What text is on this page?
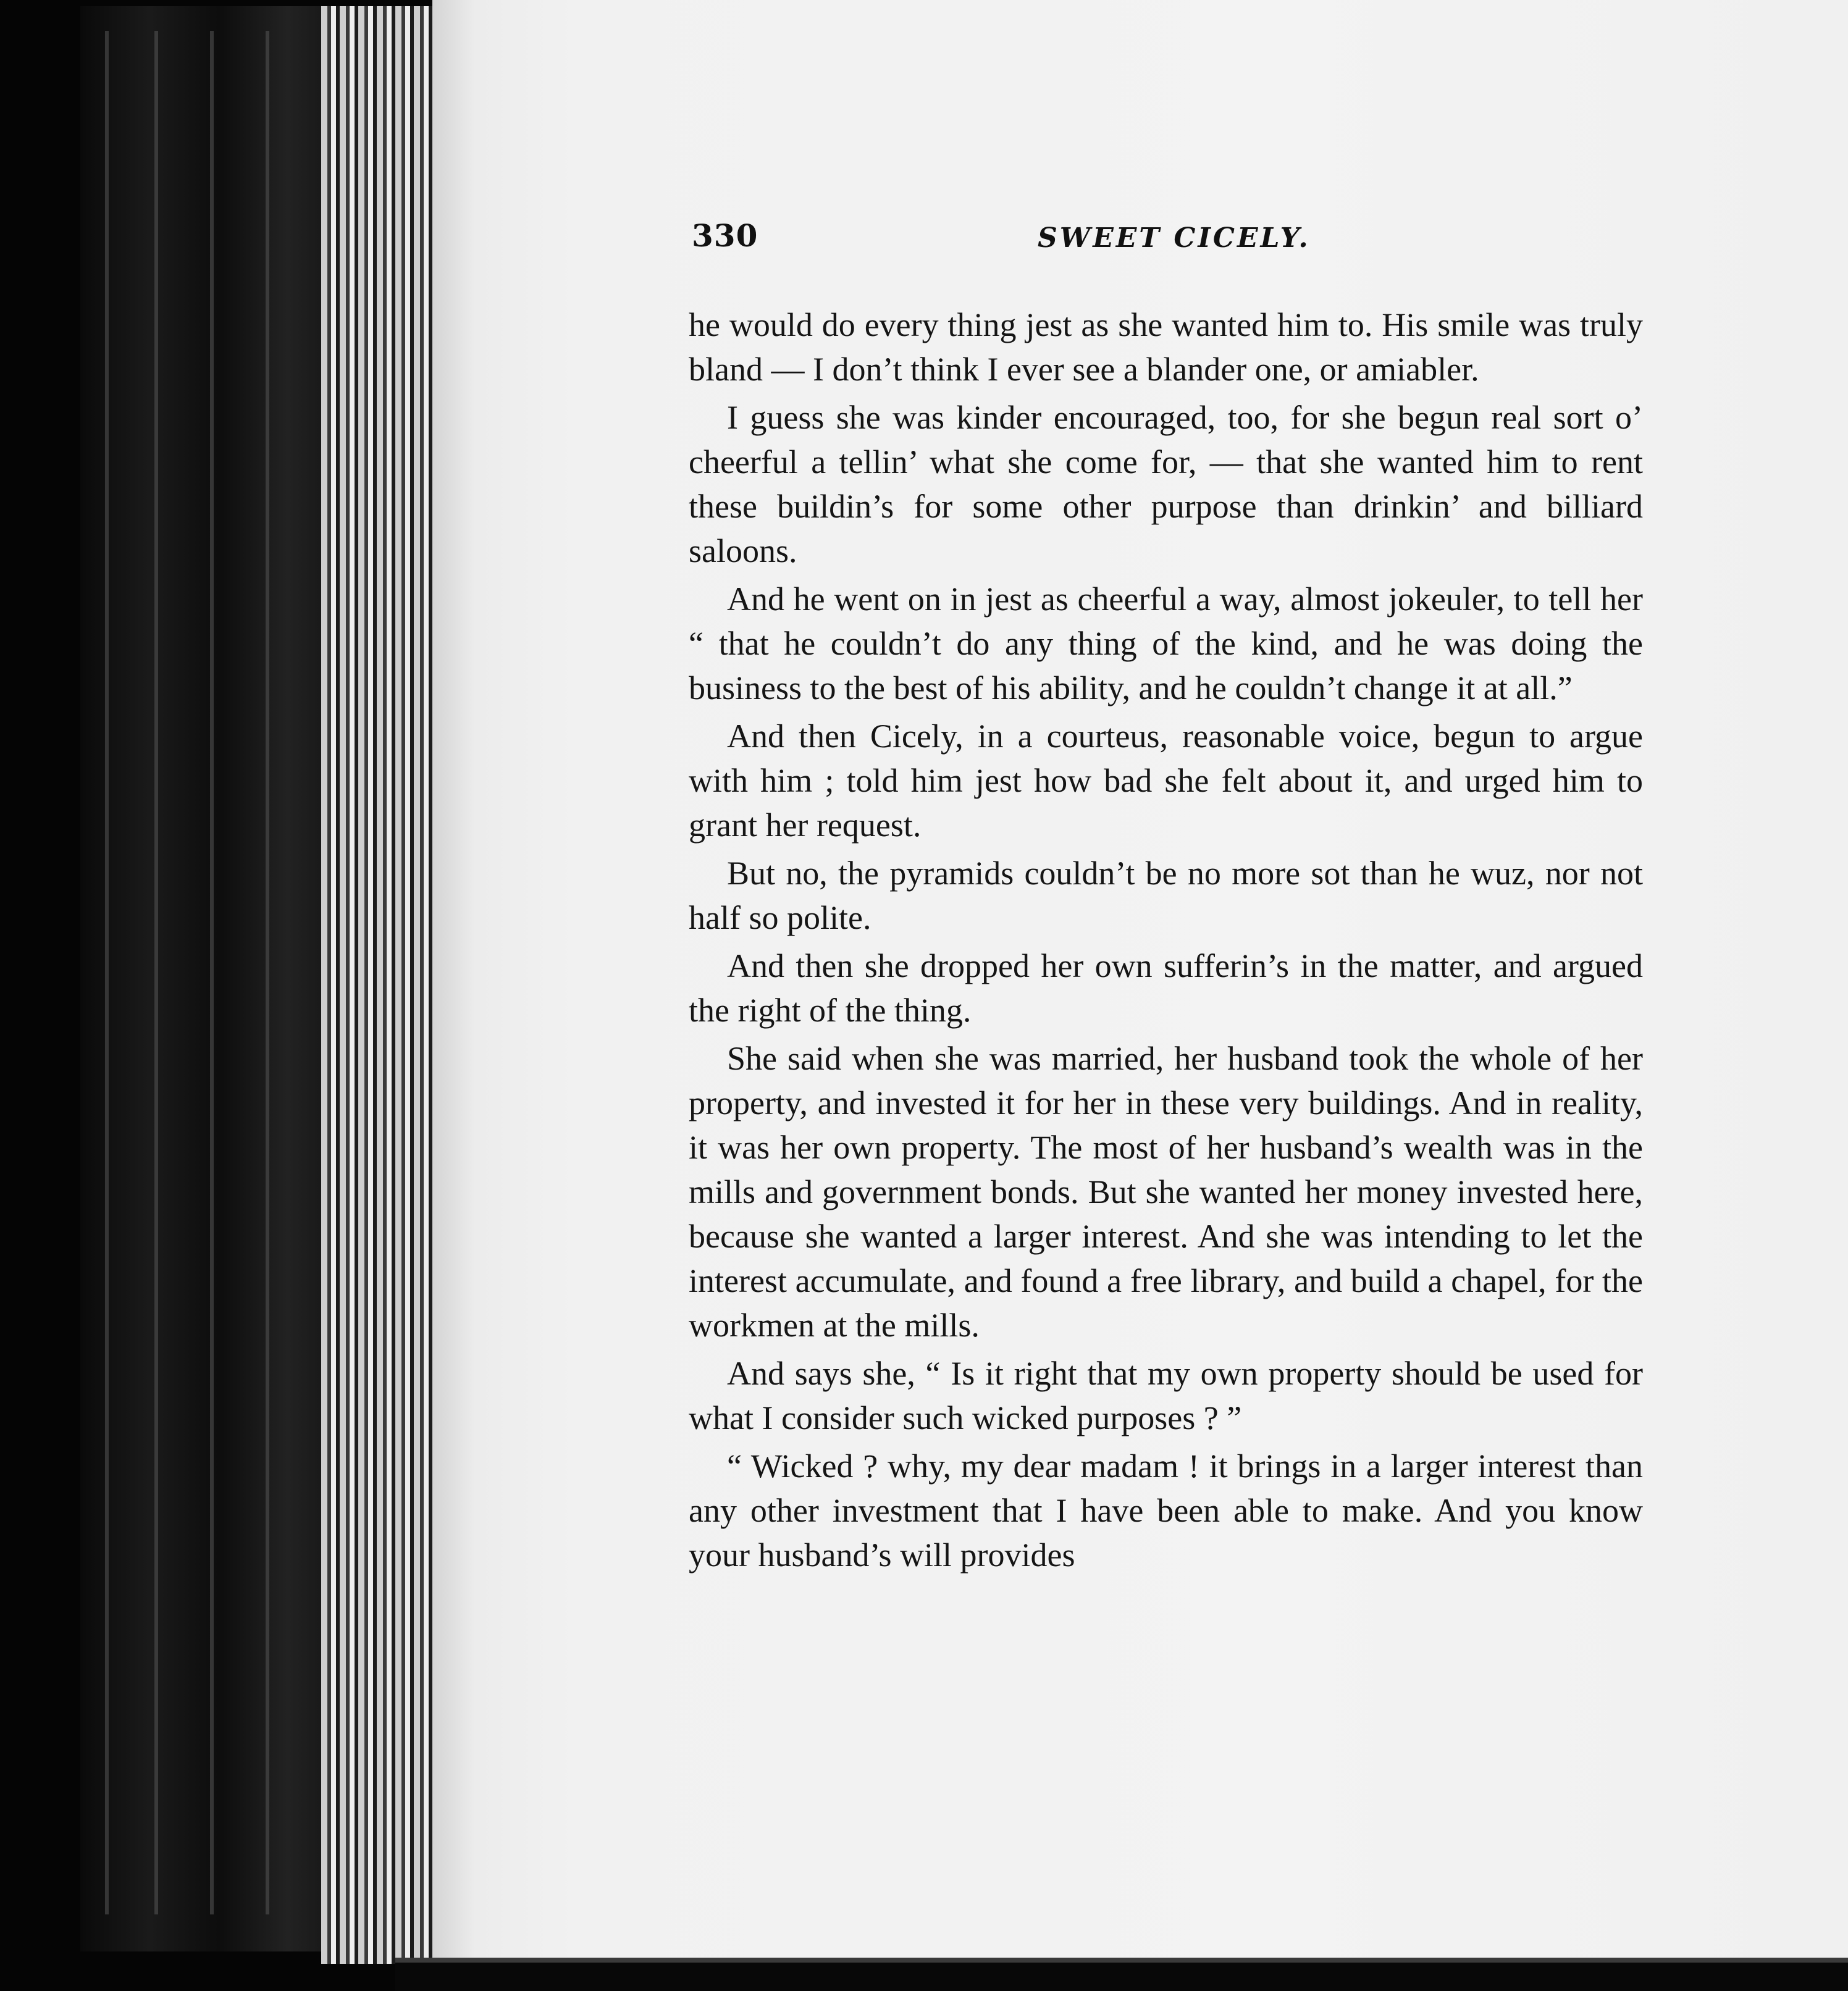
330	SWEET CICELY.

he would do every thing jest as she wanted him to. His smile was truly bland — I don’t think I ever see a blander one, or amiabler.

I guess she was kinder encouraged, too, for she begun real sort o’ cheerful a tellin’ what she come for, — that she wanted him to rent these buildin’s for some other purpose than drinkin’ and billiard saloons.

And he went on in jest as cheerful a way, almost jokeuler, to tell her “ that he couldn’t do any thing of the kind, and he was doing the business to the best of his ability, and he couldn’t change it at all.”

And then Cicely, in a courteus, reasonable voice, begun to argue with him ; told him jest how bad she felt about it, and urged him to grant her request.

But no, the pyramids couldn’t be no more sot than he wuz, nor not half so polite.

And then she dropped her own sufferin’s in the matter, and argued the right of the thing.

She said when she was married, her husband took the whole of her property, and invested it for her in these very buildings. And in reality, it was her own property. The most of her husband’s wealth was in the mills and government bonds. But she wanted her money invested here, because she wanted a larger interest. And she was intending to let the interest accumulate, and found a free library, and build a chapel, for the workmen at the mills.

And says she, “ Is it right that my own property should be used for what I consider such wicked purposes ? ”

“ Wicked ? why, my dear madam ! it brings in a larger interest than any other investment that I have been able to make. And you know your husband’s will provides
